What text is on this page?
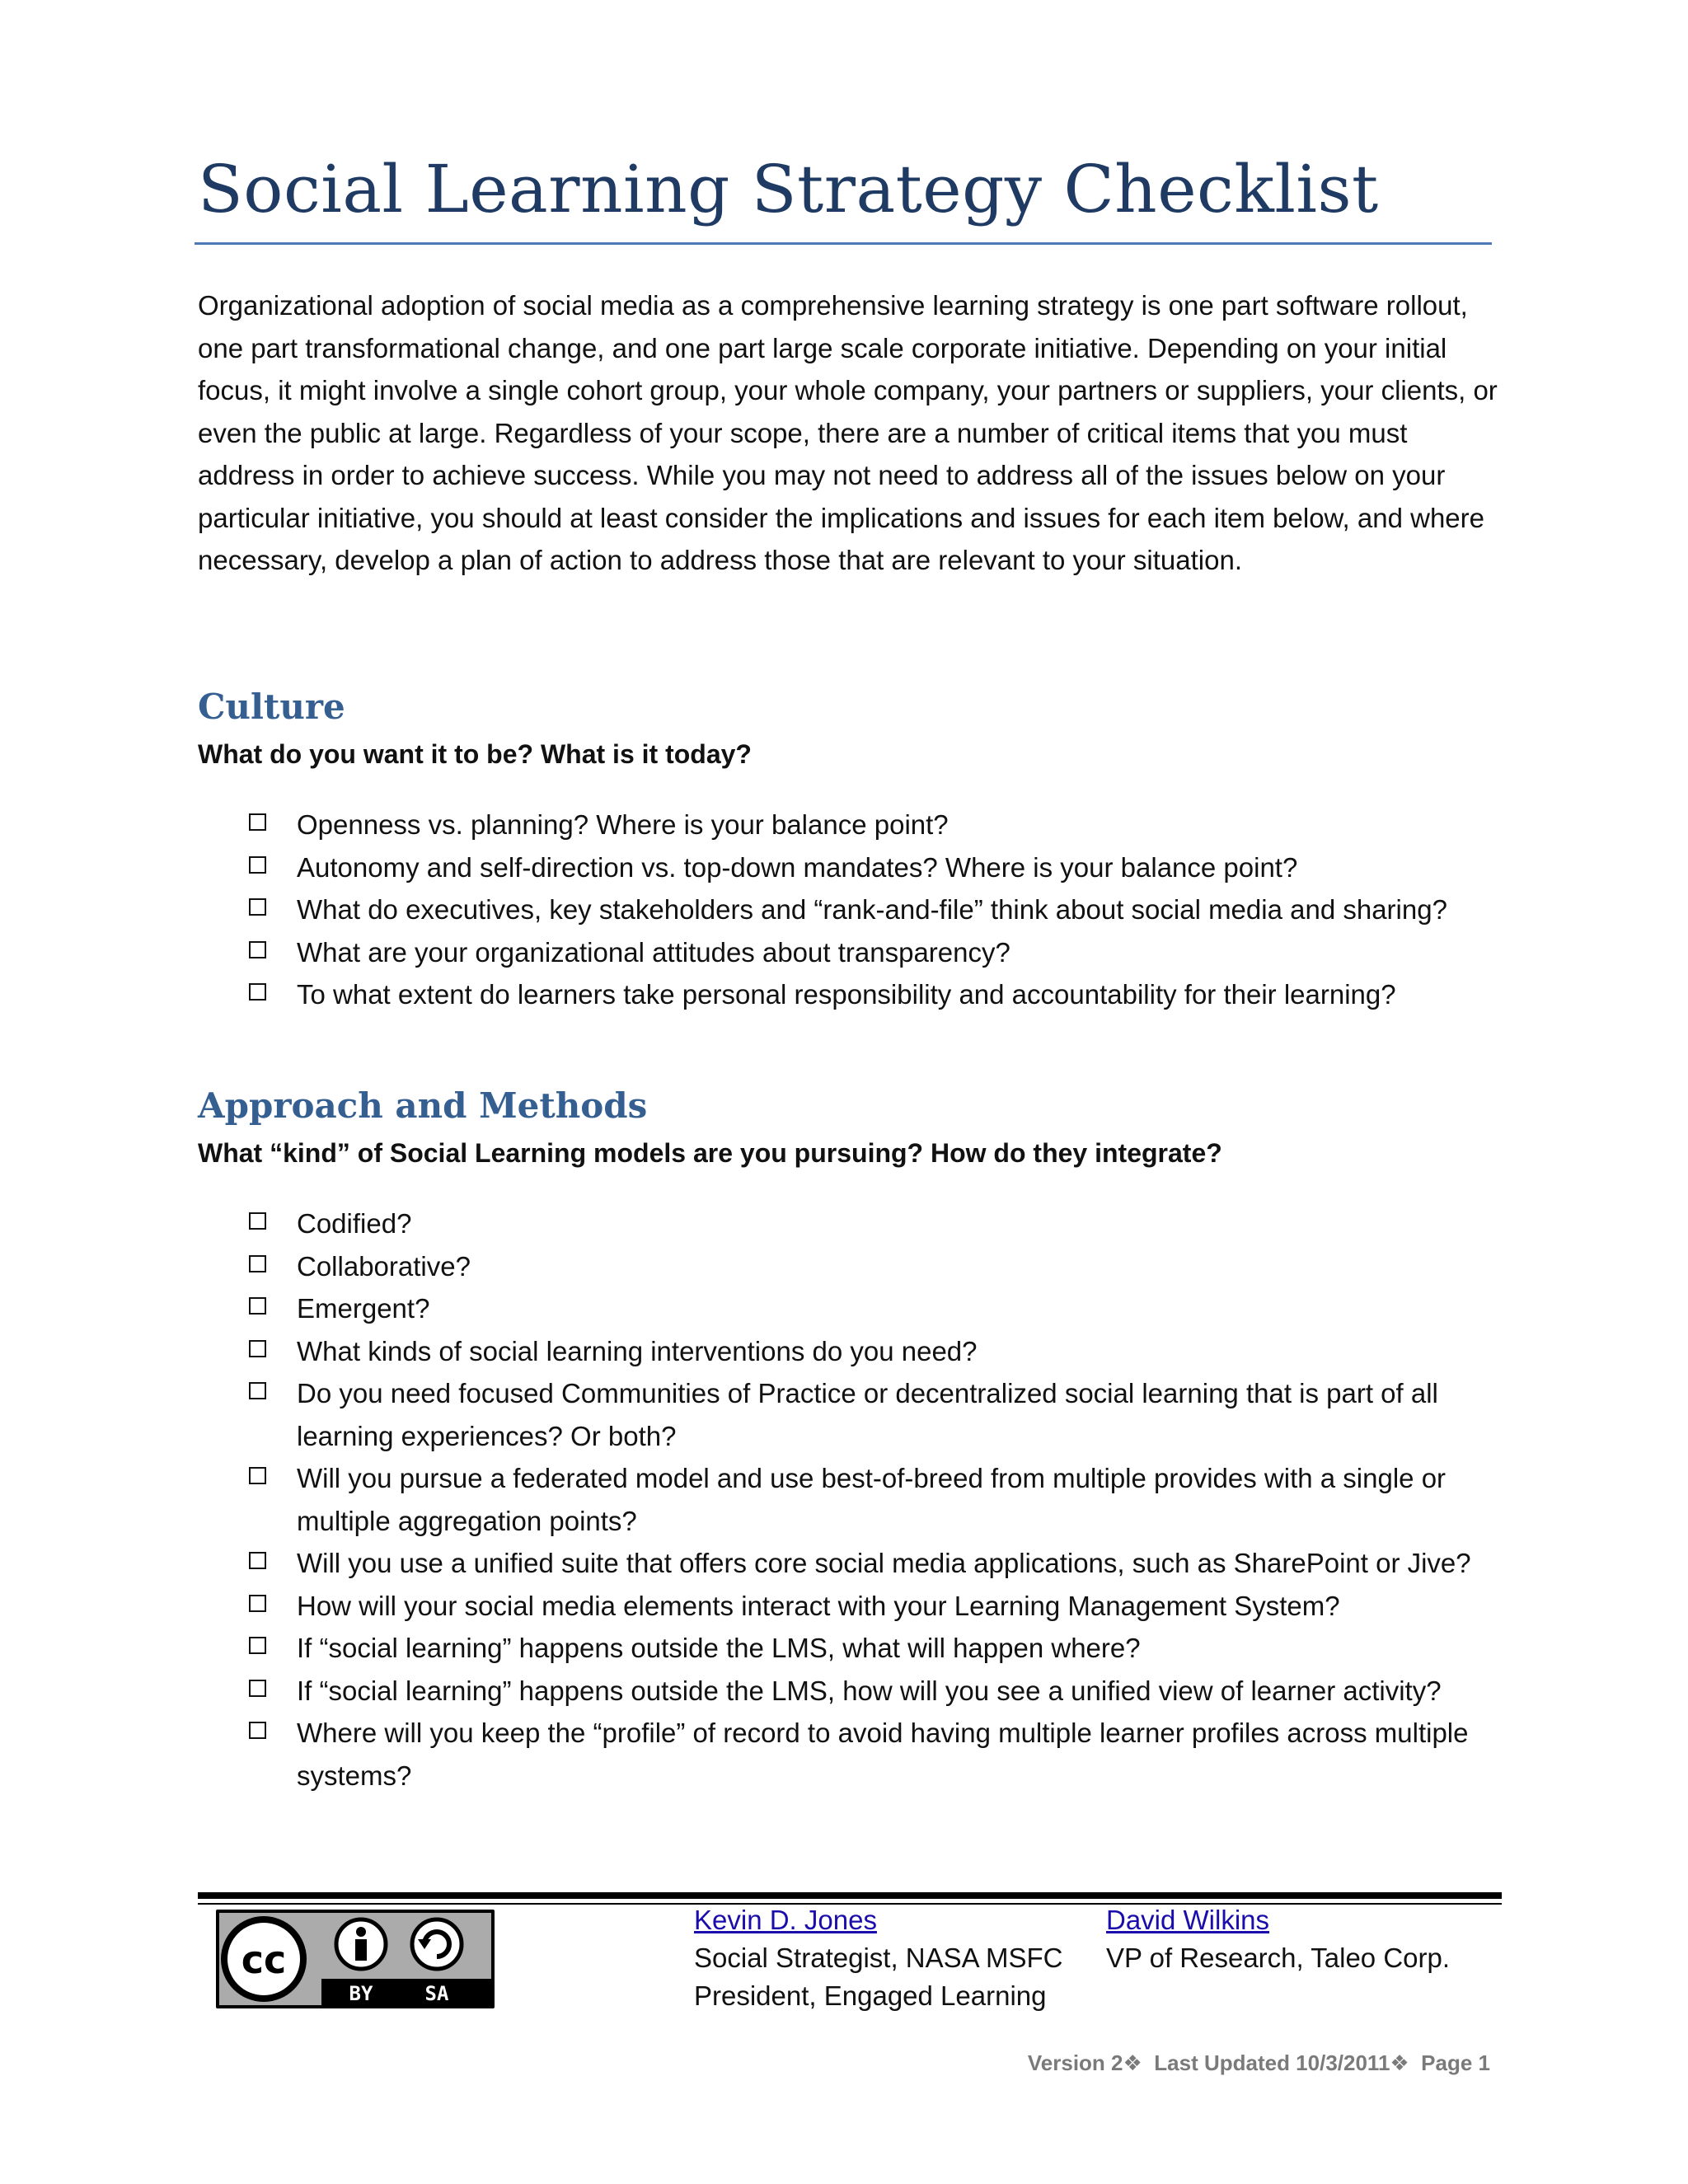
Social Learning Strategy Checklist

Organizational adoption of social media as a comprehensive learning strategy is one part software rollout, one part transformational change, and one part large scale corporate initiative. Depending on your initial focus, it might involve a single cohort group, your whole company, your partners or suppliers, your clients, or even the public at large. Regardless of your scope, there are a number of critical items that you must address in order to achieve success. While you may not need to address all of the issues below on your particular initiative, you should at least consider the implications and issues for each item below, and where necessary, develop a plan of action to address those that are relevant to your situation.

Culture
What do you want it to be? What is it today?
Openness vs. planning? Where is your balance point?
Autonomy and self-direction vs. top-down mandates? Where is your balance point?
What do executives, key stakeholders and “rank-and-file” think about social media and sharing?
What are your organizational attitudes about transparency?
To what extent do learners take personal responsibility and accountability for their learning?
Approach and Methods
What “kind” of Social Learning models are you pursuing? How do they integrate?
Codified?
Collaborative?
Emergent?
What kinds of social learning interventions do you need?
Do you need focused Communities of Practice or decentralized social learning that is part of all learning experiences? Or both?
Will you pursue a federated model and use best-of-breed from multiple provides with a single or multiple aggregation points?
Will you use a unified suite that offers core social media applications, such as SharePoint or Jive?
How will your social media elements interact with your Learning Management System?
If “social learning” happens outside the LMS, what will happen where?
If “social learning” happens outside the LMS, how will you see a unified view of learner activity?
Where will you keep the “profile” of record to avoid having multiple learner profiles across multiple systems?
cc
BY	SA
Kevin D. Jones
Social Strategist, NASA MSFC
President, Engaged Learning
David Wilkins
VP of Research, Taleo Corp.
Version 2❖ Last Updated 10/3/2011❖ Page 1
